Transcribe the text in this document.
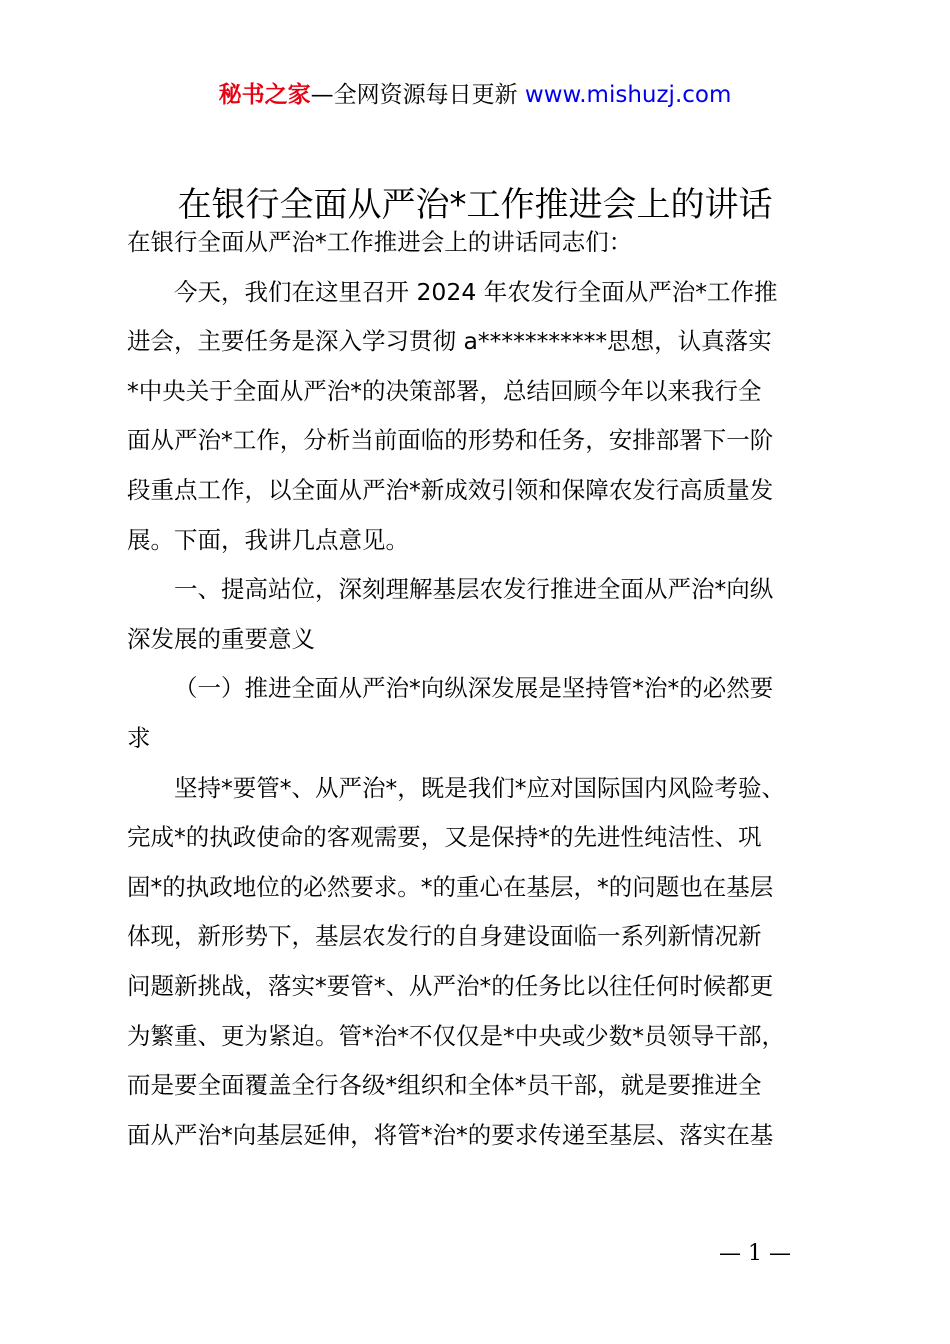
秘书之家—全网资源每日更新 www.mishuzj.com
在银行全面从严治*工作推进会上的讲话

在银行全面从严治*工作推进会上的讲话同志们：

今天，我们在这里召开 2024 年农发行全面从严治*工作推
进会，主要任务是深入学习贯彻 a***********思想，认真落实
*中央关于全面从严治*的决策部署，总结回顾今年以来我行全
面从严治*工作，分析当前面临的形势和任务，安排部署下一阶
段重点工作，以全面从严治*新成效引领和保障农发行高质量发
展。下面，我讲几点意见。

一、提高站位，深刻理解基层农发行推进全面从严治*向纵
深发展的重要意义

（一）推进全面从严治*向纵深发展是坚持管*治*的必然要
求

坚持*要管*、从严治*，既是我们*应对国际国内风险考验、
完成*的执政使命的客观需要，又是保持*的先进性纯洁性、巩
固*的执政地位的必然要求。*的重心在基层，*的问题也在基层
体现，新形势下，基层农发行的自身建设面临一系列新情况新
问题新挑战，落实*要管*、从严治*的任务比以往任何时候都更
为繁重、更为紧迫。管*治*不仅仅是*中央或少数*员领导干部，
而是要全面覆盖全行各级*组织和全体*员干部，就是要推进全
面从严治*向基层延伸，将管*治*的要求传递至基层、落实在基

— 1 —
